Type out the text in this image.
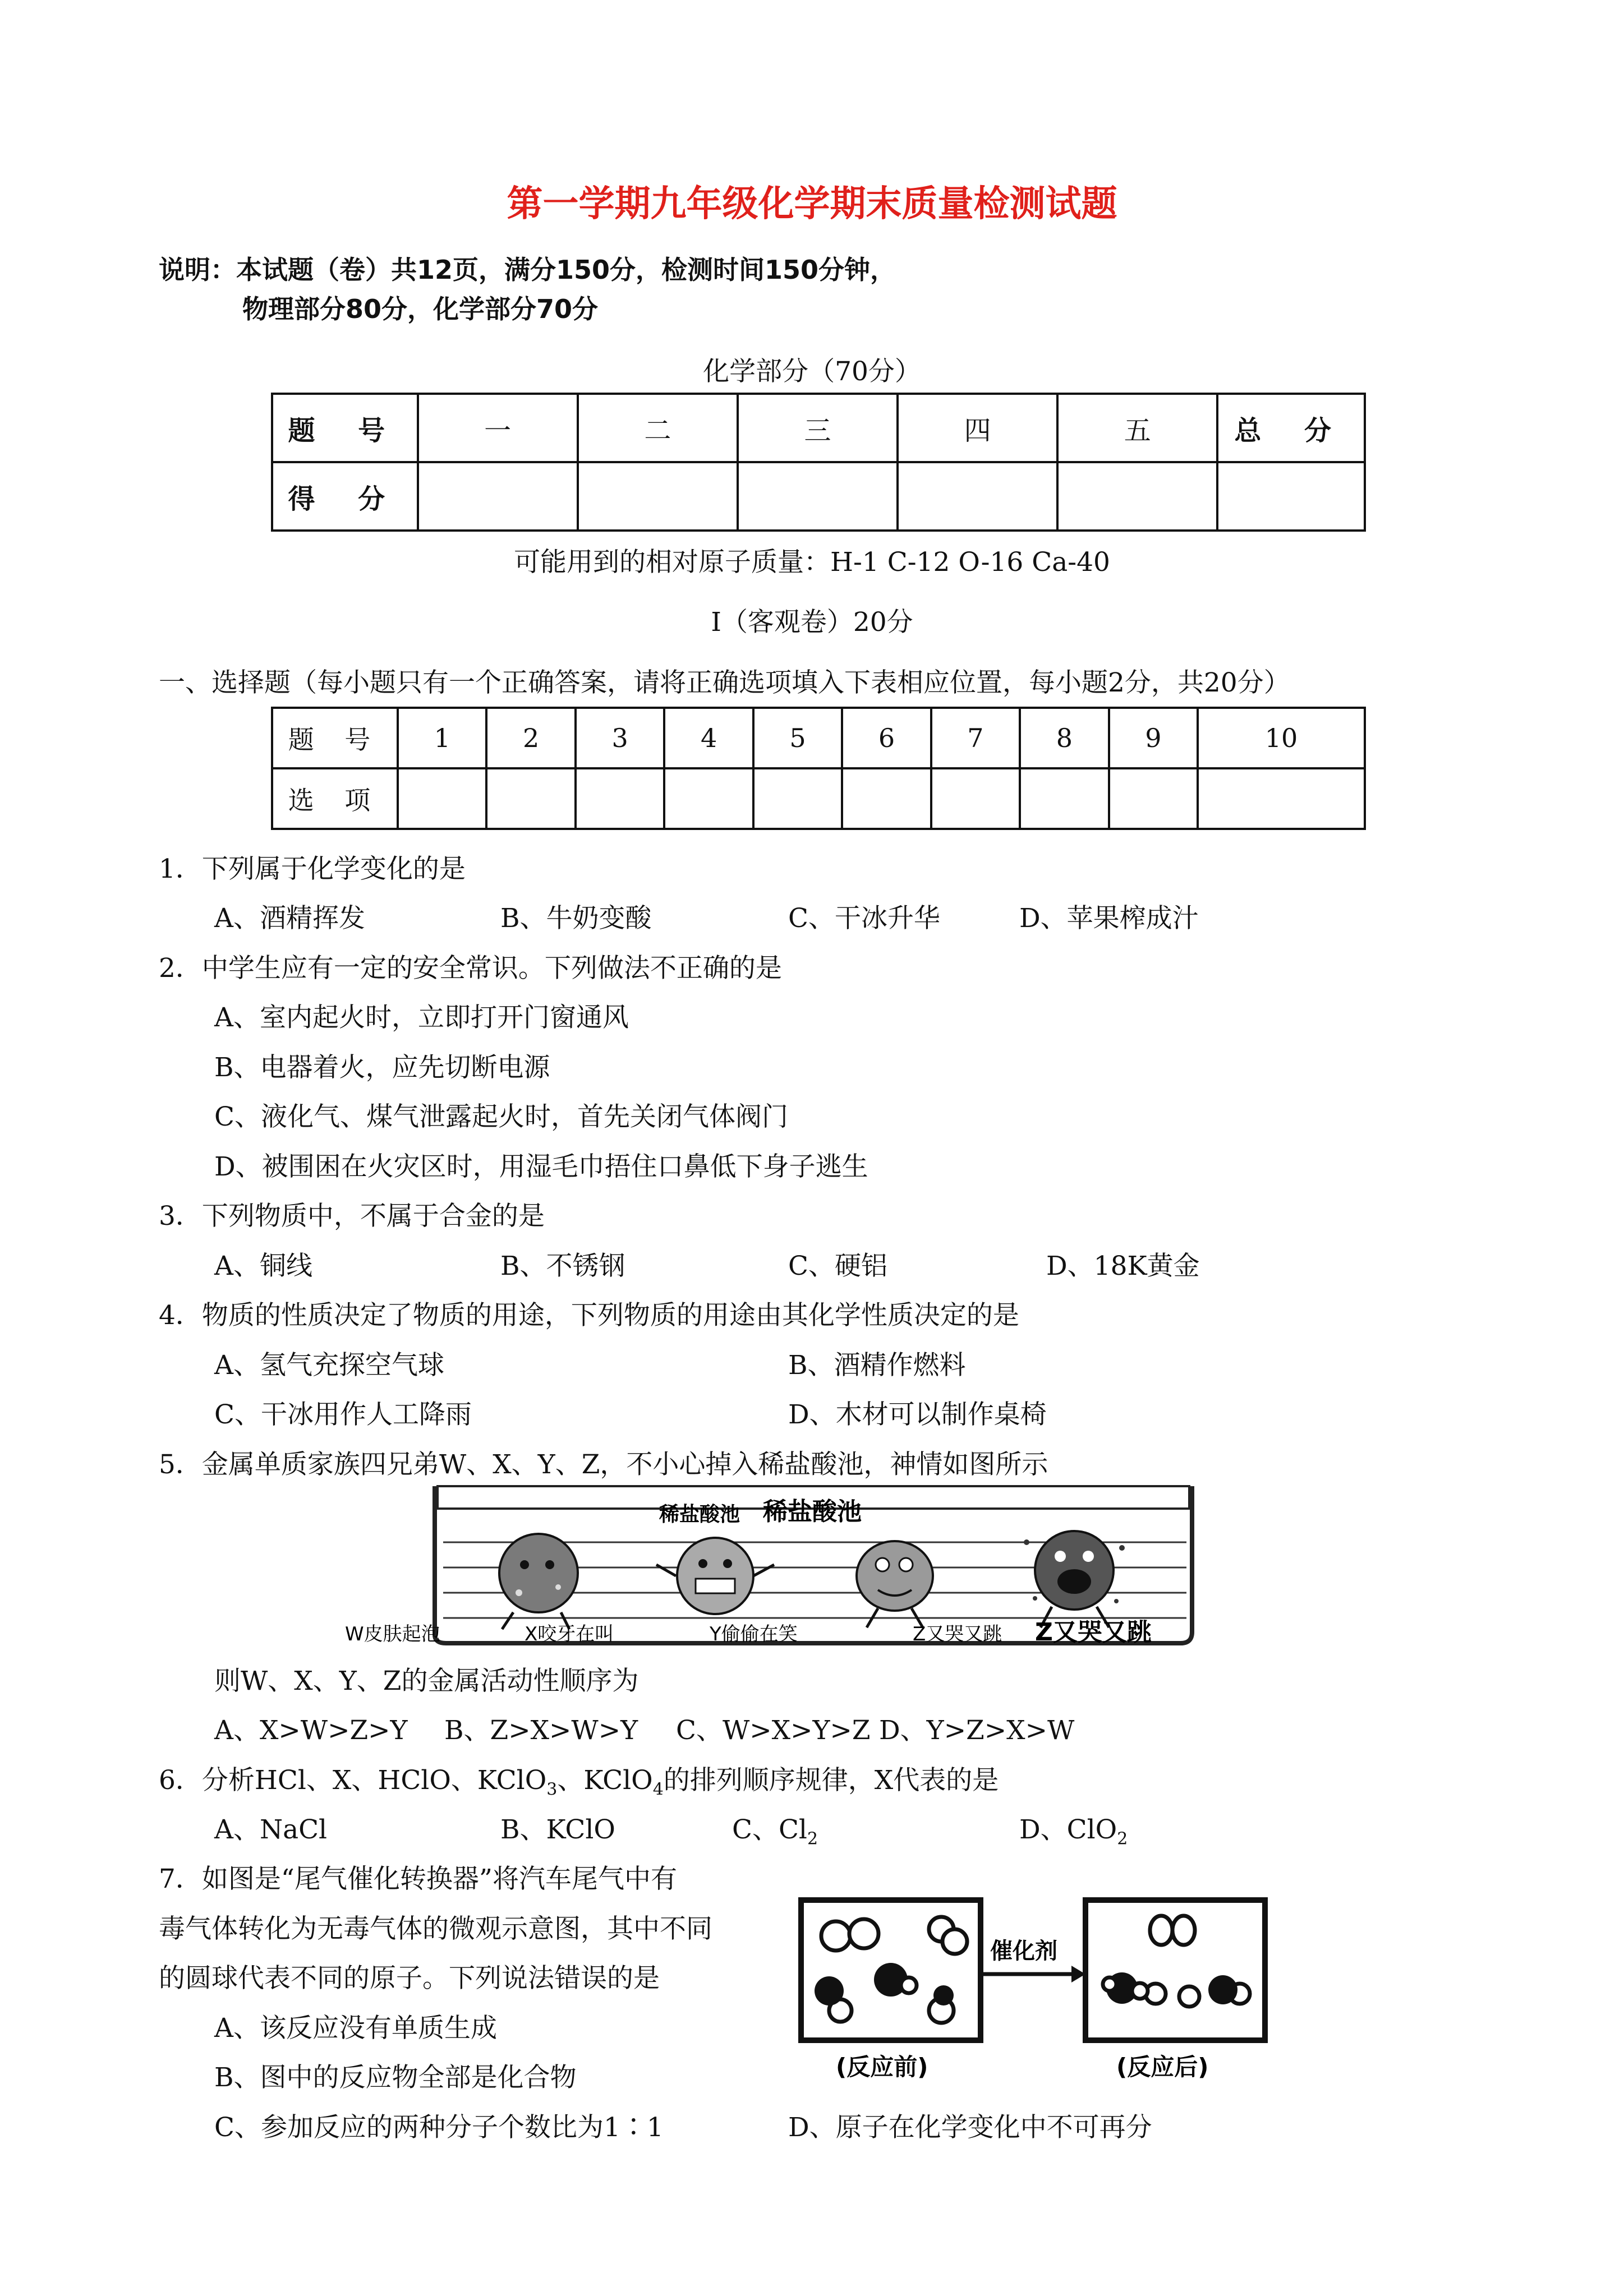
第一学期九年级化学期末质量检测试题
说明：本试题（卷）共12页，满分150分，检测时间150分钟，
物理部分80分，化学部分70分
化学部分（70分）
题 号	一	二	三	四	五	总 分
得 分						
可能用到的相对原子质量：H-1 C-12 O-16 Ca-40
Ⅰ（客观卷）20分
一、选择题（每小题只有一个正确答案，请将正确选项填入下表相应位置，每小题2分，共20分）
题 号	1	2	3	4	5	6	7	8	9	10
选 项										
1．下列属于化学变化的是
A、酒精挥发	B、牛奶变酸	C、干冰升华	D、苹果榨成汁
2．中学生应有一定的安全常识。下列做法不正确的是
A、室内起火时，立即打开门窗通风
B、电器着火，应先切断电源
C、液化气、煤气泄露起火时，首先关闭气体阀门
D、被围困在火灾区时，用湿毛巾捂住口鼻低下身子逃生
3．下列物质中，不属于合金的是
A、铜线	B、不锈钢	C、硬铝	D、18K黄金
4．物质的性质决定了物质的用途，下列物质的用途由其化学性质决定的是
A、氢气充探空气球	B、酒精作燃料
C、干冰用作人工降雨	D、木材可以制作桌椅
5．金属单质家族四兄弟W、X、Y、Z，不小心掉入稀盐酸池，神情如图所示
稀盐酸池 稀盐酸池
W皮肤起泡	X咬牙在叫	Y偷偷在笑	Z又哭又跳 Z又哭又跳
则W、X、Y、Z的金属活动性顺序为
A、X>W>Z>Y B、Z>X>W>Y C、W>X>Y>Z D、Y>Z>X>W
6．分析HCl、X、HClO、KClO$_3$、KClO$_4$的排列顺序规律，X代表的是
A、NaCl	B、KClO	C、$Cl_2$	D、ClO$_2$
7．如图是“尾气催化转换器”将汽车尾气中有
毒气体转化为无毒气体的微观示意图，其中不同
的圆球代表不同的原子。下列说法错误的是
A、该反应没有单质生成
B、图中的反应物全部是化合物
C、参加反应的两种分子个数比为1∶1	D、原子在化学变化中不可再分
催化剂
(反应前)	(反应后)
